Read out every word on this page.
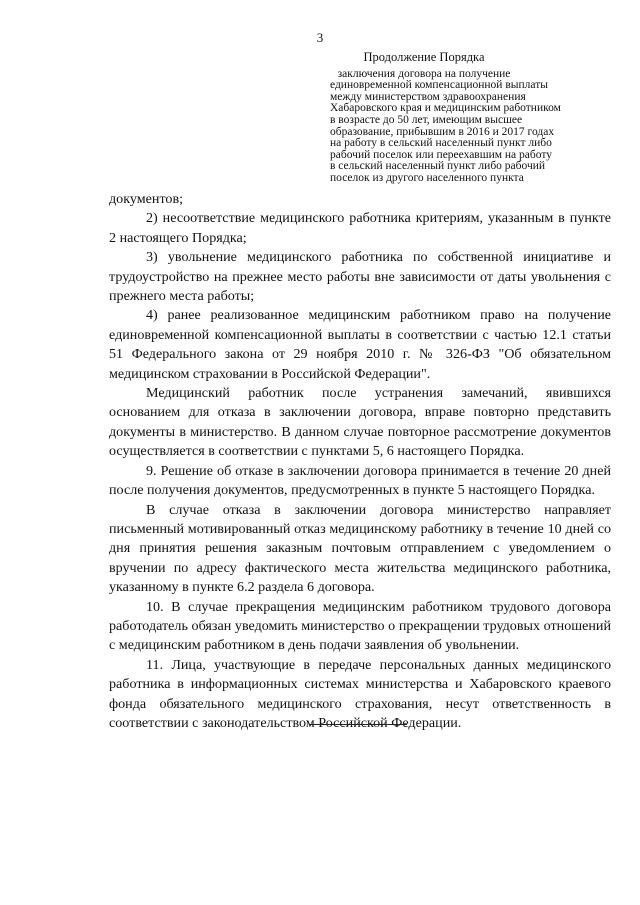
3
Продолжение Порядка
заключения договора на получение
единовременной компенсационной выплаты
между министерством здравоохранения
Хабаровского края и медицинским работником
в возрасте до 50 лет, имеющим высшее
образование, прибывшим в 2016 и 2017 годах
на работу в сельский населенный пункт либо
рабочий поселок или переехавшим на работу
в сельский населенный пункт либо рабочий
поселок из другого населенного пункта

документов;

2) несоответствие медицинского работника критериям, указанным в пункте 2 настоящего Порядка;

3) увольнение медицинского работника по собственной инициативе и трудоустройство на прежнее место работы вне зависимости от даты увольнения с прежнего места работы;

4) ранее реализованное медицинским работником право на получение единовременной компенсационной выплаты в соответствии с частью 12.1 статьи 51 Федерального закона от 29 ноября 2010 г. № 326-ФЗ "Об обязательном медицинском страховании в Российской Федерации".

Медицинский работник после устранения замечаний, явившихся основанием для отказа в заключении договора, вправе повторно представить документы в министерство. В данном случае повторное рассмотрение документов осуществляется в соответствии с пунктами 5, 6 настоящего Порядка.

9. Решение об отказе в заключении договора принимается в течение 20 дней после получения документов, предусмотренных в пункте 5 настоящего Порядка.

В случае отказа в заключении договора министерство направляет письменный мотивированный отказ медицинскому работнику в течение 10 дней со дня принятия решения заказным почтовым отправлением с уведомлением о вручении по адресу фактического места жительства медицинского работника, указанному в пункте 6.2 раздела 6 договора.

10. В случае прекращения медицинским работником трудового договора работодатель обязан уведомить министерство о прекращении трудовых отношений с медицинским работником в день подачи заявления об увольнении.

11. Лица, участвующие в передаче персональных данных медицинского работника в информационных системах министерства и Хабаровского краевого фонда обязательного медицинского страхования, несут ответственность в соответствии с законодательством Российской Федерации.
